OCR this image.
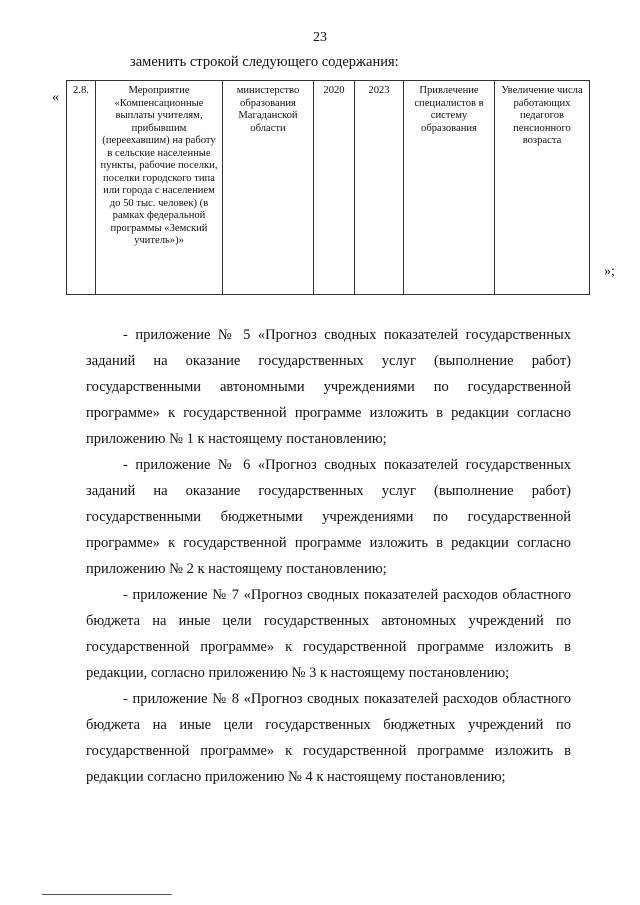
23
заменить строкой следующего содержания:
« 2.8.	Мероприятие «Компенсационные выплаты учителям, прибывшим (переехавшим) на работу в сельские населенные пункты, рабочие поселки, поселки городского типа или города с населением до 50 тыс. человек) (в рамках федеральной программы «Земский учитель»)»	министерство образования Магаданской области	2020	2023	Привлечение специалистов в систему образования	Увеличение числа работающих педагогов пенсионного возраста
»;

- приложение № 5 «Прогноз сводных показателей государственных заданий на оказание государственных услуг (выполнение работ) государственными автономными учреждениями по государственной программе» к государственной программе изложить в редакции согласно приложению № 1 к настоящему постановлению;

- приложение № 6 «Прогноз сводных показателей государственных заданий на оказание государственных услуг (выполнение работ) государственными бюджетными учреждениями по государственной программе» к государственной программе изложить в редакции согласно приложению № 2 к настоящему постановлению;

- приложение № 7 «Прогноз сводных показателей расходов областного бюджета на иные цели государственных автономных учреждений по государственной программе» к государственной программе изложить в редакции, согласно приложению № 3 к настоящему постановлению;

- приложение № 8 «Прогноз сводных показателей расходов областного бюджета на иные цели государственных бюджетных учреждений по государственной программе» к государственной программе изложить в редакции согласно приложению № 4 к настоящему постановлению;
